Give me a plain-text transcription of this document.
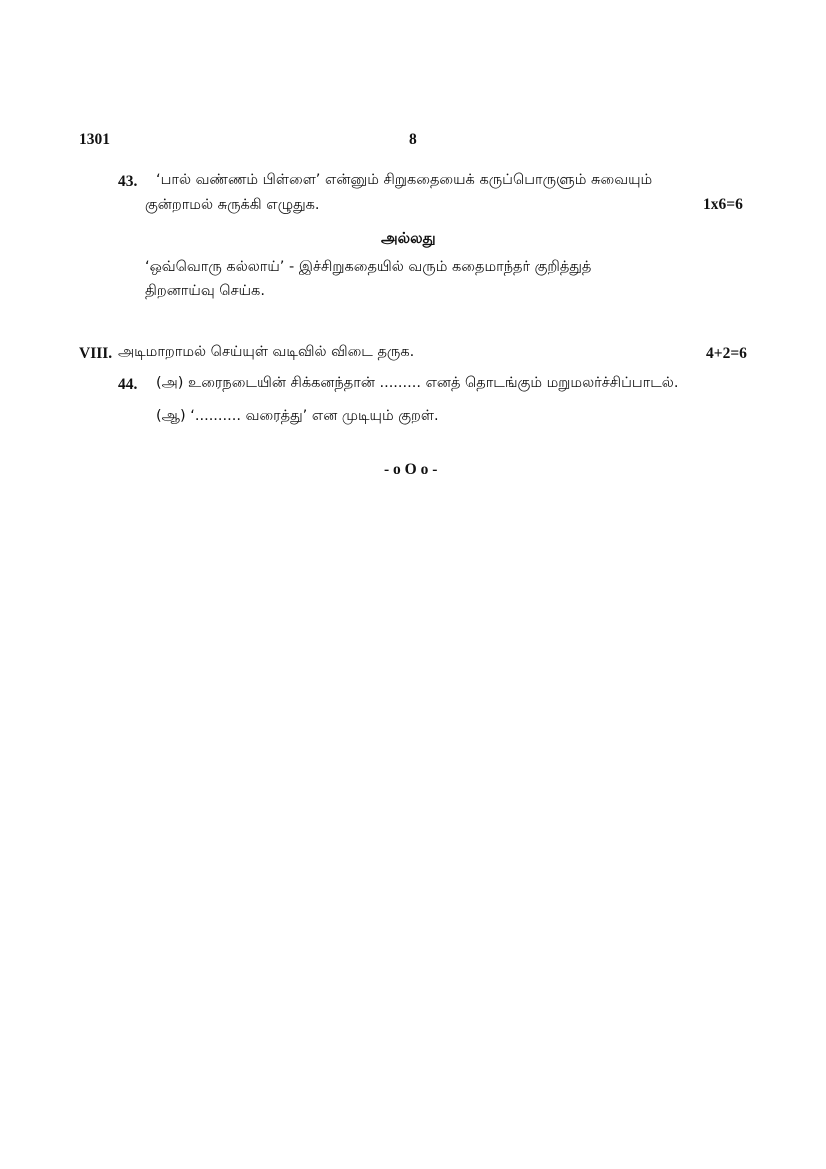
1301	8
43. ‘பால் வண்ணம் பிள்ளை’ என்னும் சிறுகதையைக் கருப்பொருளும் சுவையும்
குன்றாமல் சுருக்கி எழுதுக.	1x6=6
அல்லது
‘ஒவ்வொரு கல்லாய்’ - இச்சிறுகதையில் வரும் கதைமாந்தர் குறித்துத்
திறனாய்வு செய்க.
VIII. அடிமாறாமல் செய்யுள் வடிவில் விடை தருக.	4+2=6
44. (அ) உரைநடையின் சிக்கனந்தான் ......... எனத் தொடங்கும் மறுமலர்ச்சிப்பாடல்.
(ஆ) ‘.......... வரைத்து’ என முடியும் குறள்.
- o O o -
